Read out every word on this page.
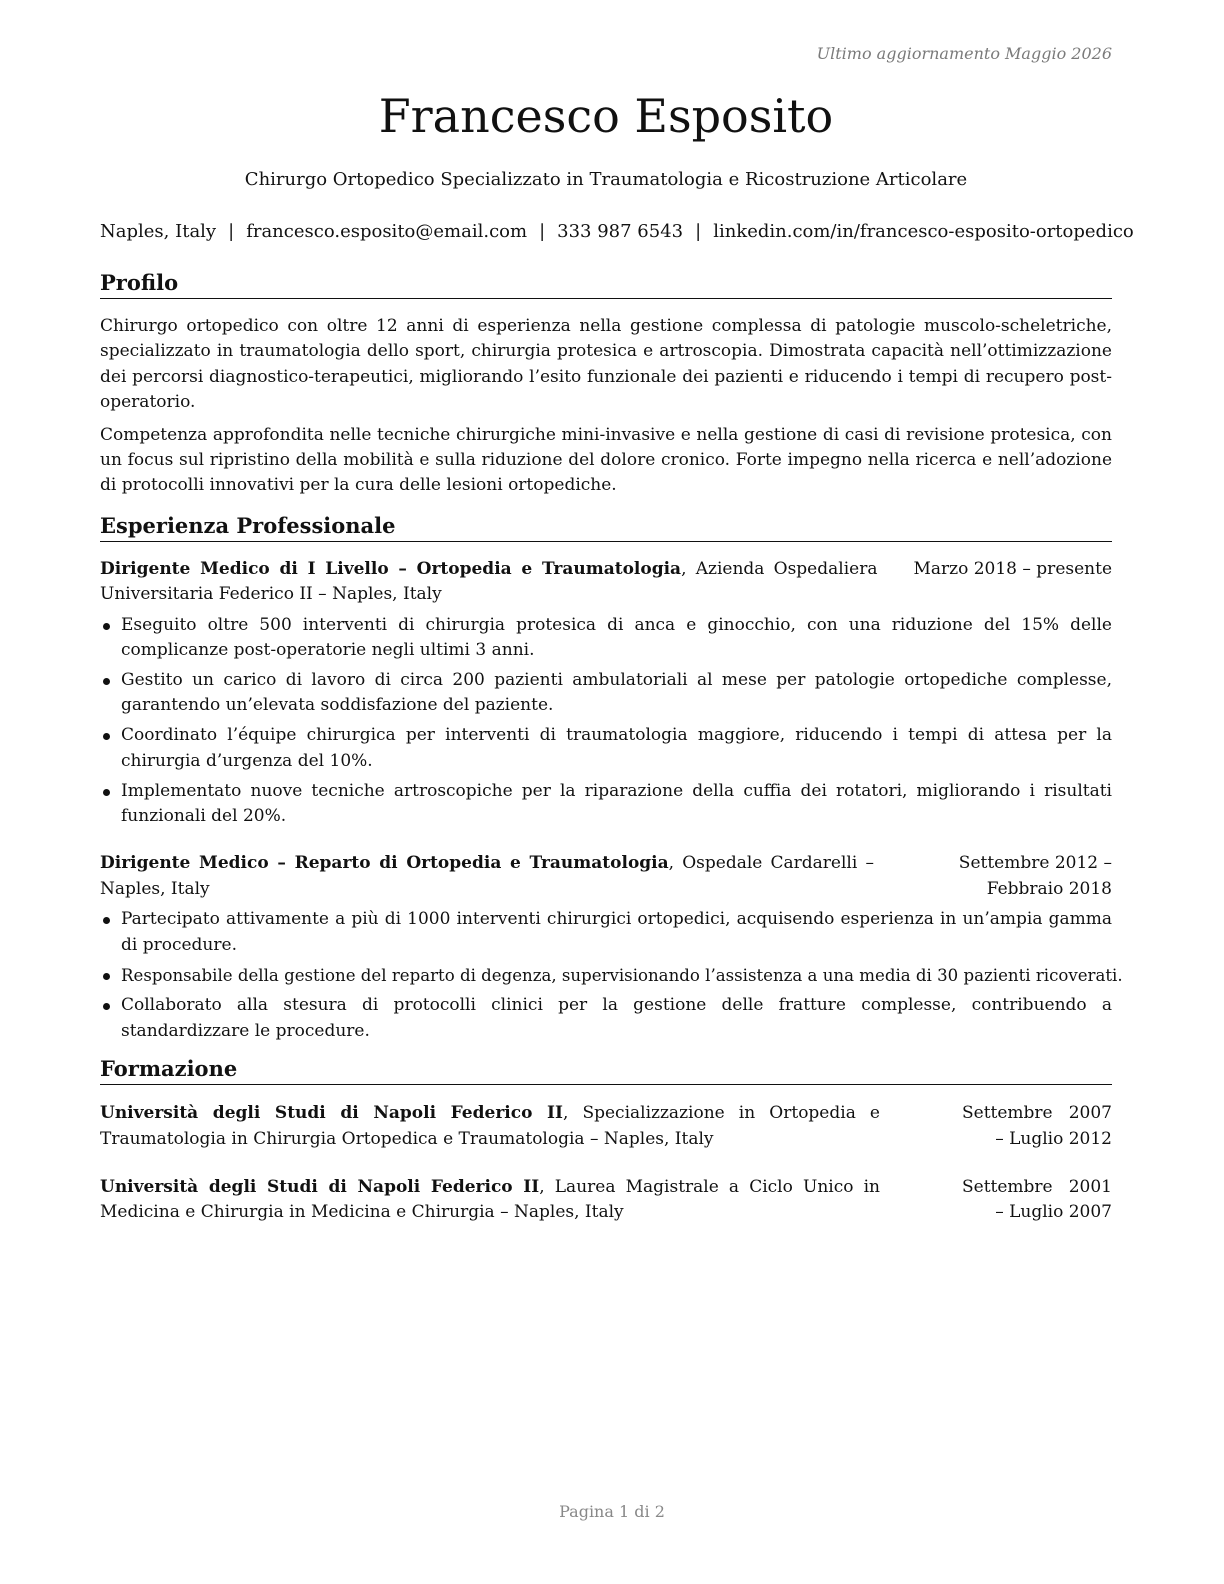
Ultimo aggiornamento Maggio 2026
Francesco Esposito
Chirurgo Ortopedico Specializzato in Traumatologia e Ricostruzione Articolare
Naples, Italy | francesco.esposito@email.com | 333 987 6543 | linkedin.com/in/francesco-esposito-ortopedico
Profilo

Chirurgo ortopedico con oltre 12 anni di esperienza nella gestione complessa di patologie muscolo-scheletriche, specializzato in traumatologia dello sport, chirurgia protesica e artroscopia. Dimostrata capacità nell’ottimizzazione dei percorsi diagnostico-terapeutici, migliorando l’esito funzionale dei pazienti e riducendo i tempi di recupero post-operatorio.

Competenza approfondita nelle tecniche chirurgiche mini-invasive e nella gestione di casi di revisione protesica, con un focus sul ripristino della mobilità e sulla riduzione del dolore cronico. Forte impegno nella ricerca e nell’adozione di protocolli innovativi per la cura delle lesioni ortopediche.

Esperienza Professionale
Dirigente Medico di I Livello – Ortopedia e Traumatologia, Azienda Ospedaliera Universitaria Federico II – Naples, Italy
Marzo 2018 – presente
Eseguito oltre 500 interventi di chirurgia protesica di anca e ginocchio, con una riduzione del 15% delle complicanze post-operatorie negli ultimi 3 anni.
Gestito un carico di lavoro di circa 200 pazienti ambulatoriali al mese per patologie ortopediche complesse, garantendo un’elevata soddisfazione del paziente.
Coordinato l’équipe chirurgica per interventi di traumatologia maggiore, riducendo i tempi di attesa per la chirurgia d’urgenza del 10%.
Implementato nuove tecniche artroscopiche per la riparazione della cuffia dei rotatori, migliorando i risultati funzionali del 20%.
Dirigente Medico – Reparto di Ortopedia e Traumatologia, Ospedale Cardarelli – Naples, Italy
Settembre 2012 – Febbraio 2018
Partecipato attivamente a più di 1000 interventi chirurgici ortopedici, acquisendo esperienza in un’ampia gamma di procedure.
Responsabile della gestione del reparto di degenza, supervisionando l’assistenza a una media di 30 pazienti ricoverati.
Collaborato alla stesura di protocolli clinici per la gestione delle fratture complesse, contribuendo a standardizzare le procedure.
Formazione
Università degli Studi di Napoli Federico II, Specializzazione in Ortopedia e Traumatologia in Chirurgia Ortopedica e Traumatologia – Naples, Italy
Settembre 2007 – Luglio 2012
Università degli Studi di Napoli Federico II, Laurea Magistrale a Ciclo Unico in Medicina e Chirurgia in Medicina e Chirurgia – Naples, Italy
Settembre 2001 – Luglio 2007
Pagina 1 di 2
